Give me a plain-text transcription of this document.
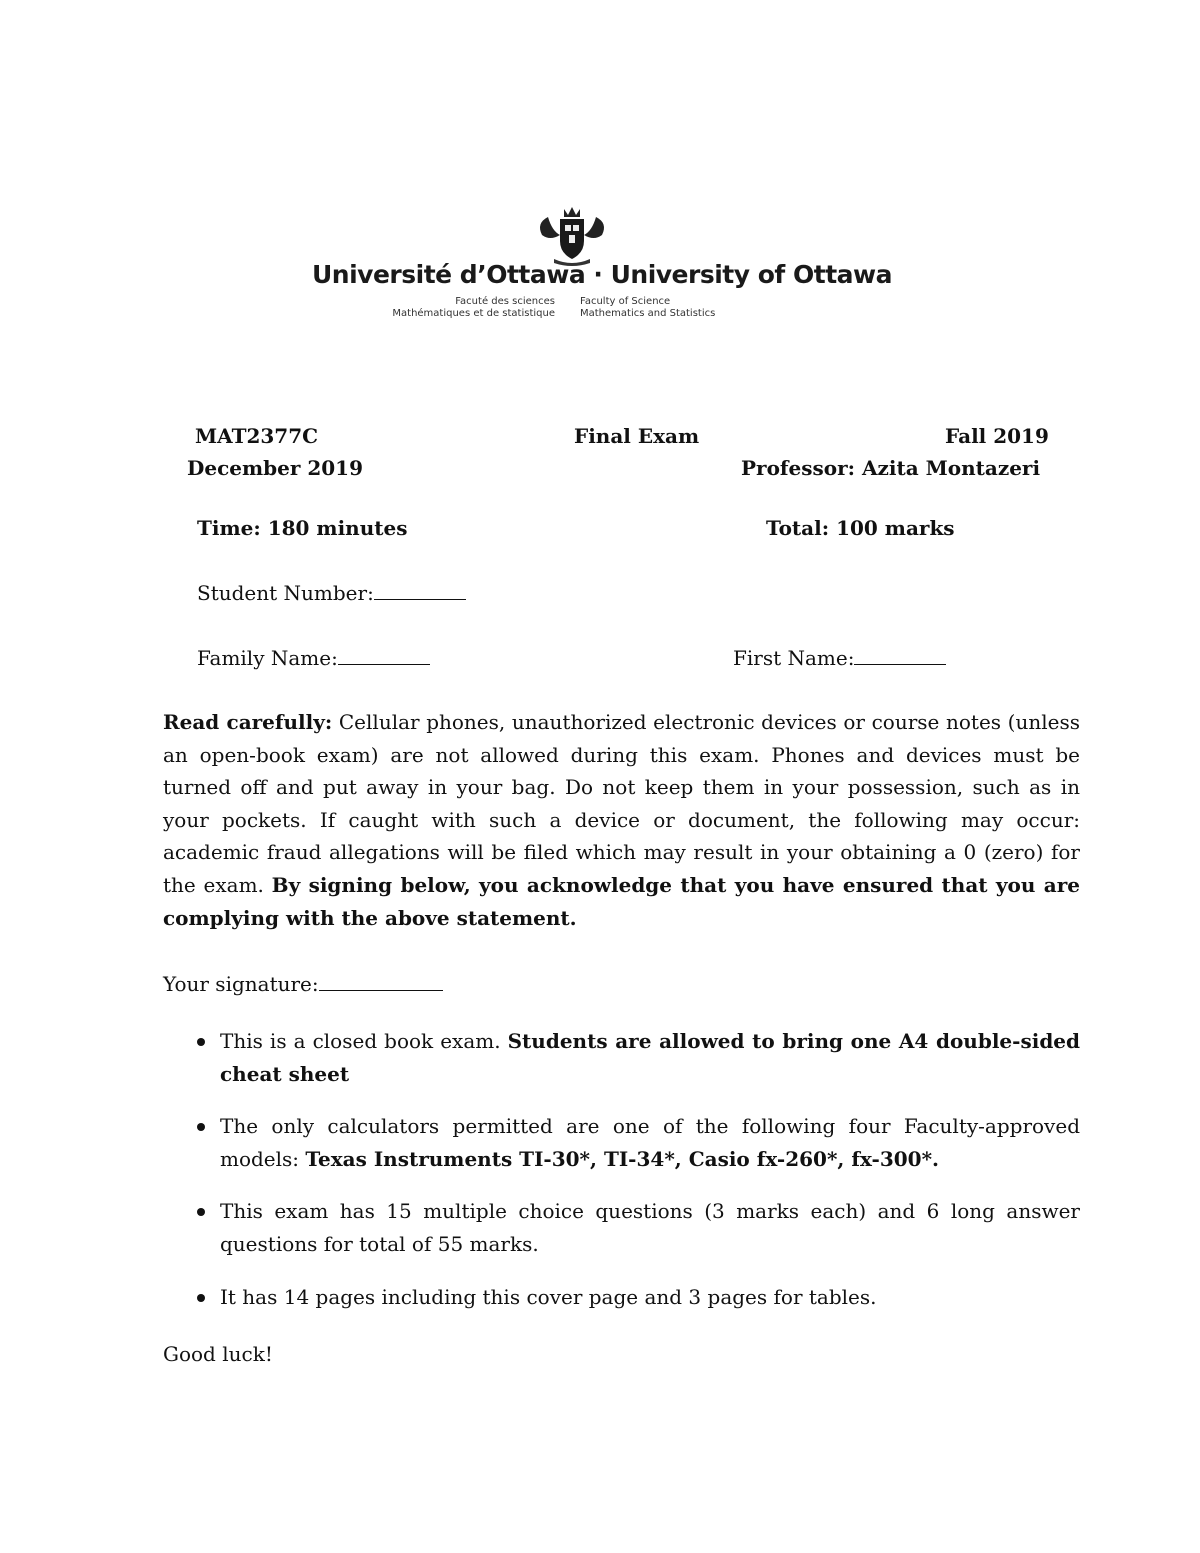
Université d’Ottawa · University of Ottawa
Facuté des sciences
Mathématiques et de statistique
Faculty of Science
Mathematics and Statistics
MAT2377C	Final Exam	Fall 2019
December 2019	Professor: Azita Montazeri
Time: 180 minutes	Total: 100 marks
Student Number:
Family Name:	First Name:
Read carefully: Cellular phones, unauthorized electronic devices or course notes (unless an open-book exam) are not allowed during this exam. Phones and devices must be turned off and put away in your bag. Do not keep them in your possession, such as in your pockets. If caught with such a device or document, the following may occur: academic fraud allegations will be filed which may result in your obtaining a 0 (zero) for the exam. By signing below, you acknowledge that you have ensured that you are complying with the above statement.
Your signature:
This is a closed book exam. Students are allowed to bring one A4 double-sided cheat sheet
The only calculators permitted are one of the following four Faculty-approved models: Texas Instruments TI-30*, TI-34*, Casio fx-260*, fx-300*.
This exam has 15 multiple choice questions (3 marks each) and 6 long answer questions for total of 55 marks.
It has 14 pages including this cover page and 3 pages for tables.
Good luck!
